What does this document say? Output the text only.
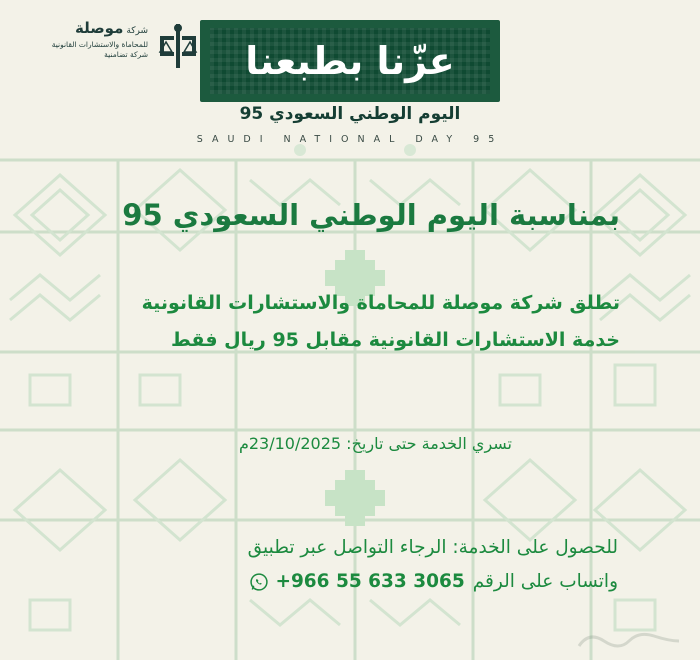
شركةموصلة
للمحاماة والاستشارات القانونية
شركة تضامنية	عزّنا بطبعنا
اليوم الوطني السعودي 95
SAUDI NATIONAL DAY 95
بمناسبة اليوم الوطني السعودي 95
تطلق شركة موصلة للمحاماة والاستشارات القانونية
خدمة الاستشارات القانونية مقابل 95 ريال فقط
تسري الخدمة حتى تاريخ: 23/10/2025م
للحصول على الخدمة: الرجاء التواصل عبر تطبيق
واتساب على الرقم
+966 55 633 3065
